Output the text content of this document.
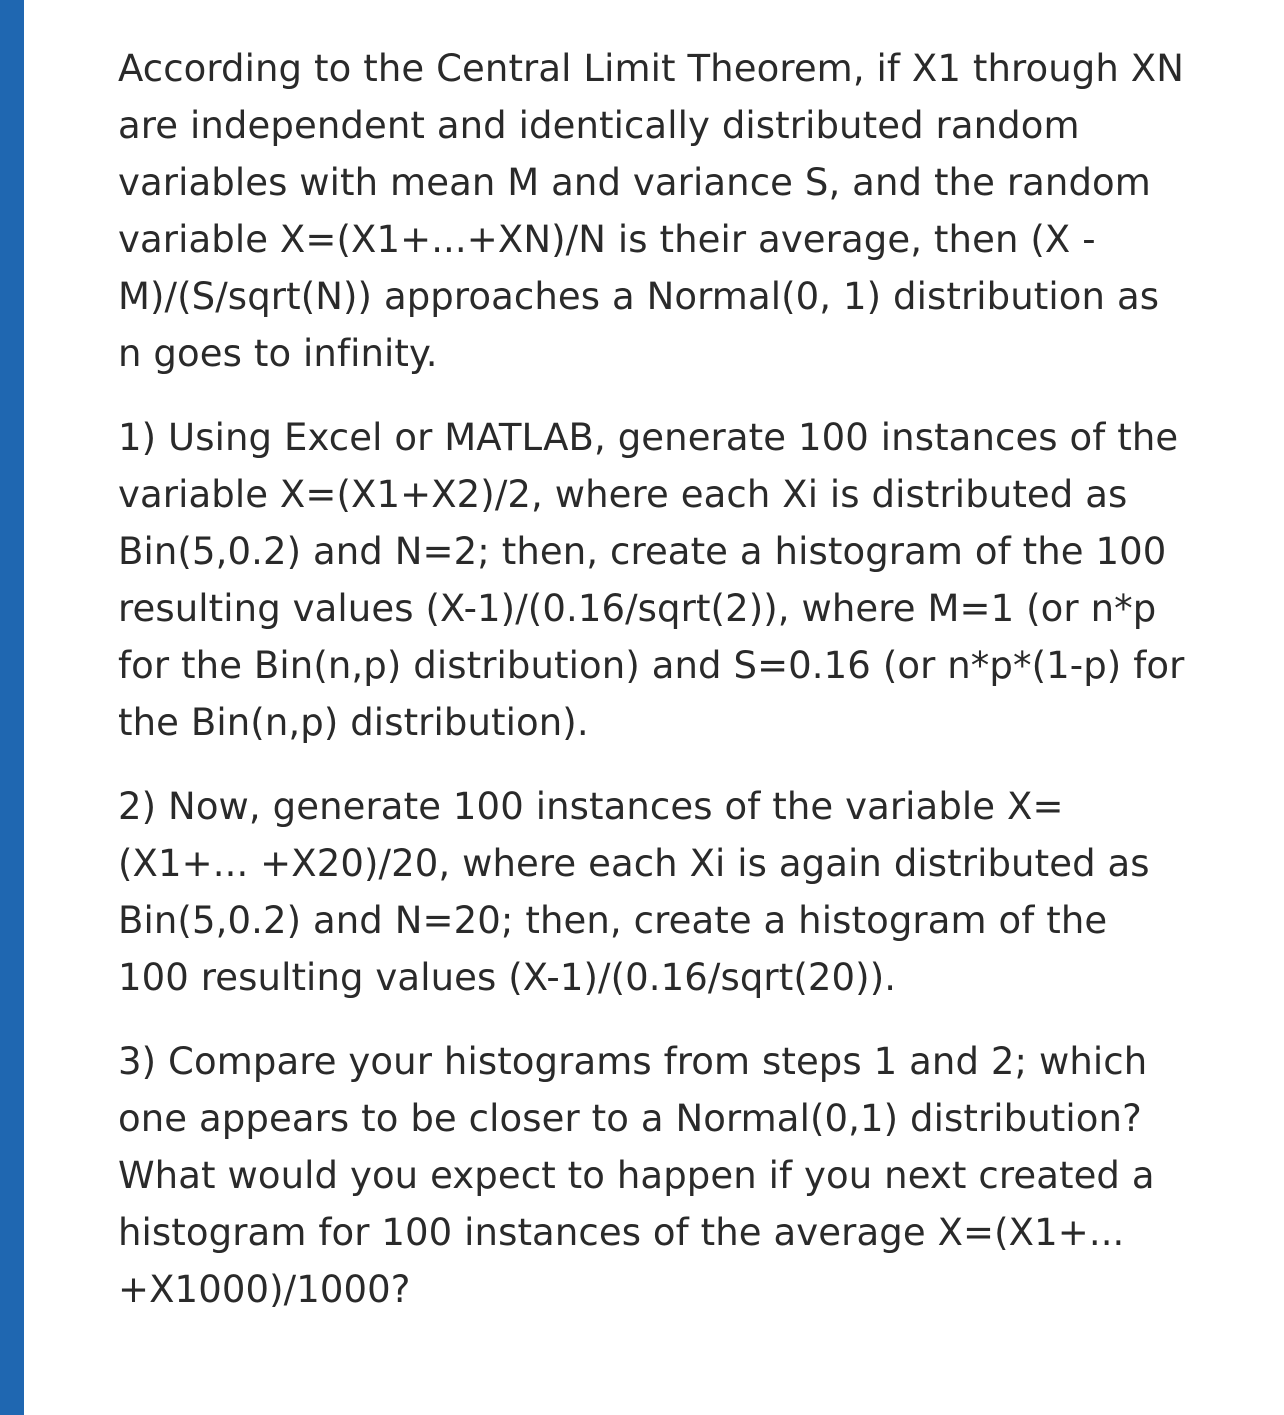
According to the Central Limit Theorem, if X1 through XN are independent and identically distributed random variables with mean M and variance S, and the random variable X=(X1+...+XN)/N is their average, then (X - M)/(S/sqrt(N)) approaches a Normal(0, 1) distribution as n goes to infinity.

1) Using Excel or MATLAB, generate 100 instances of the variable X=(X1+X2)/2, where each Xi is distributed as Bin(5,0.2) and N=2; then, create a histogram of the 100 resulting values (X-1)/(0.16/sqrt(2)), where M=1 (or n*p for the Bin(n,p) distribution) and S=0.16 (or n*p*(1-p) for the Bin(n,p) distribution).

2) Now, generate 100 instances of the variable X=(X1+... +X20)/20, where each Xi is again distributed as Bin(5,0.2) and N=20; then, create a histogram of the 100 resulting values (X-1)/(0.16/sqrt(20)).

3) Compare your histograms from steps 1 and 2; which one appears to be closer to a Normal(0,1) distribution? What would you expect to happen if you next created a histogram for 100 instances of the average X=(X1+... +X1000)/1000?
